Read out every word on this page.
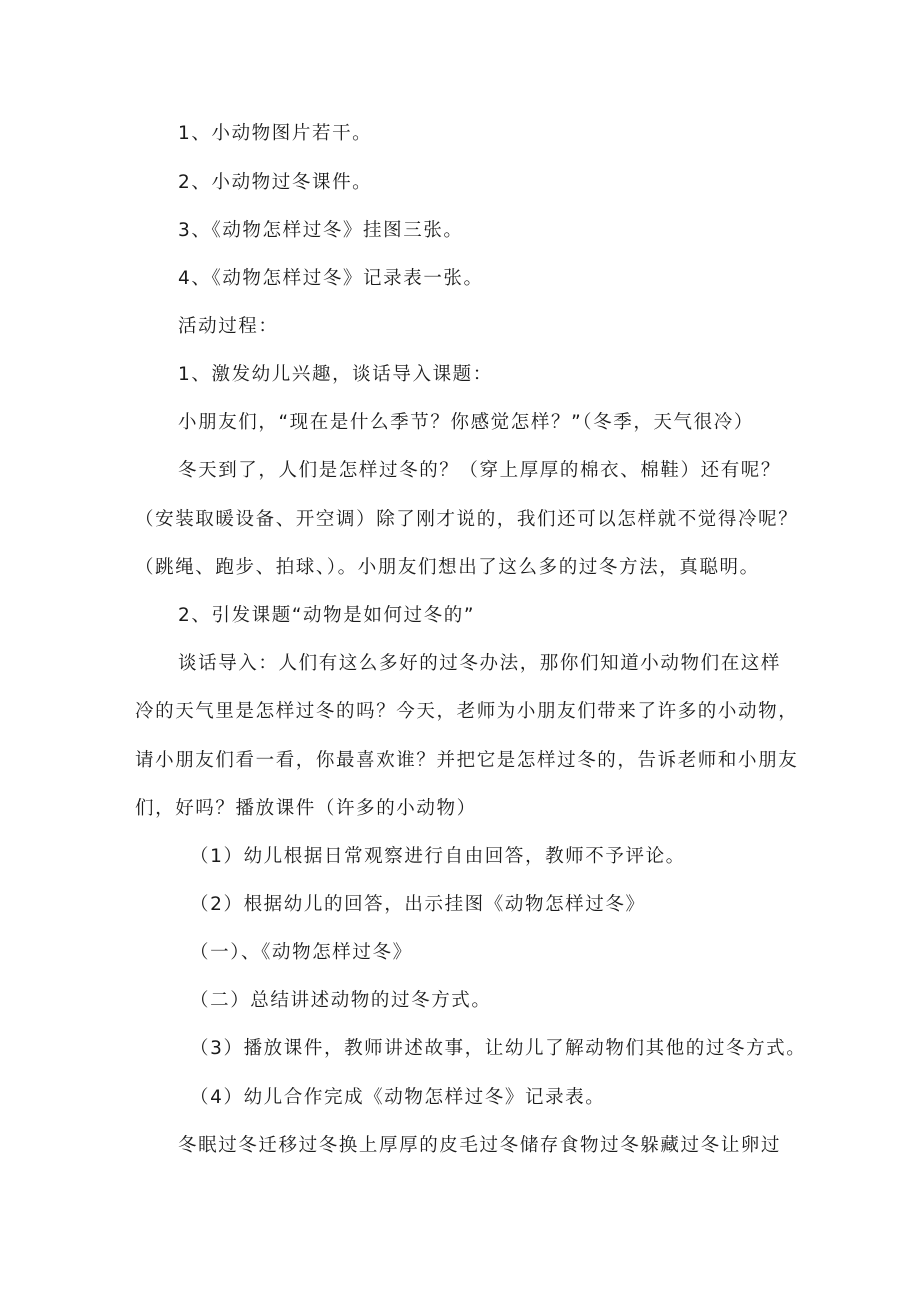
1、小动物图片若干。
2、小动物过冬课件。
3、《动物怎样过冬》挂图三张。
4、《动物怎样过冬》记录表一张。
活动过程：
1、激发幼儿兴趣，谈话导入课题：
小朋友们，“现在是什么季节？你感觉怎样？”（冬季，天气很冷）
冬天到了，人们是怎样过冬的？（穿上厚厚的棉衣、棉鞋）还有呢？
（安装取暖设备、开空调）除了刚才说的，我们还可以怎样就不觉得冷呢？
（跳绳、跑步、拍球、）。小朋友们想出了这么多的过冬方法，真聪明。
2、引发课题“动物是如何过冬的”
谈话导入：人们有这么多好的过冬办法，那你们知道小动物们在这样
冷的天气里是怎样过冬的吗？今天，老师为小朋友们带来了许多的小动物，
请小朋友们看一看，你最喜欢谁？并把它是怎样过冬的，告诉老师和小朋友
们，好吗？播放课件（许多的小动物）
（1）幼儿根据日常观察进行自由回答，教师不予评论。
（2）根据幼儿的回答，出示挂图《动物怎样过冬》
（一）、《动物怎样过冬》
（二）总结讲述动物的过冬方式。
（3）播放课件，教师讲述故事，让幼儿了解动物们其他的过冬方式。
（4）幼儿合作完成《动物怎样过冬》记录表。
冬眠过冬迁移过冬换上厚厚的皮毛过冬储存食物过冬躲藏过冬让卵过
